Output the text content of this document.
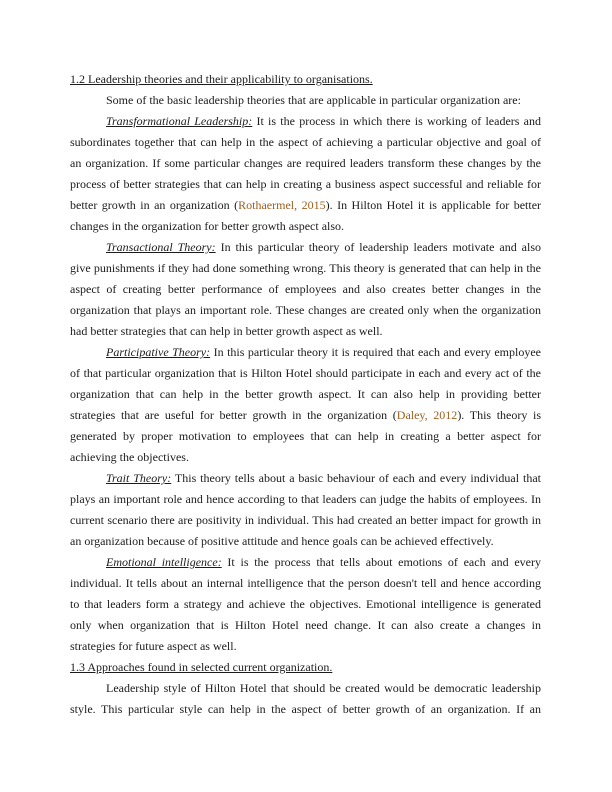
1.2 Leadership theories and their applicability to organisations.
Some of the basic leadership theories that are applicable in particular organization are:
Transformational Leadership: It is the process in which there is working of leaders and
subordinates together that can help in the aspect of achieving a particular objective and goal of
an organization. If some particular changes are required leaders transform these changes by the
process of better strategies that can help in creating a business aspect successful and reliable for
better growth in an organization (Rothaermel, 2015). In Hilton Hotel it is applicable for better
changes in the organization for better growth aspect also.
Transactional Theory: In this particular theory of leadership leaders motivate and also
give punishments if they had done something wrong. This theory is generated that can help in the
aspect of creating better performance of employees and also creates better changes in the
organization that plays an important role. These changes are created only when the organization
had better strategies that can help in better growth aspect as well.
Participative Theory: In this particular theory it is required that each and every employee
of that particular organization that is Hilton Hotel should participate in each and every act of the
organization that can help in the better growth aspect. It can also help in providing better
strategies that are useful for better growth in the organization (Daley, 2012). This theory is
generated by proper motivation to employees that can help in creating a better aspect for
achieving the objectives.
Trait Theory: This theory tells about a basic behaviour of each and every individual that
plays an important role and hence according to that leaders can judge the habits of employees. In
current scenario there are positivity in individual. This had created an better impact for growth in
an organization because of positive attitude and hence goals can be achieved effectively.
Emotional intelligence: It is the process that tells about emotions of each and every
individual. It tells about an internal intelligence that the person doesn't tell and hence according
to that leaders form a strategy and achieve the objectives. Emotional intelligence is generated
only when organization that is Hilton Hotel need change. It can also create a changes in
strategies for future aspect as well.
1.3 Approaches found in selected current organization.
Leadership style of Hilton Hotel that should be created would be democratic leadership
style. This particular style can help in the aspect of better growth of an organization. If an
